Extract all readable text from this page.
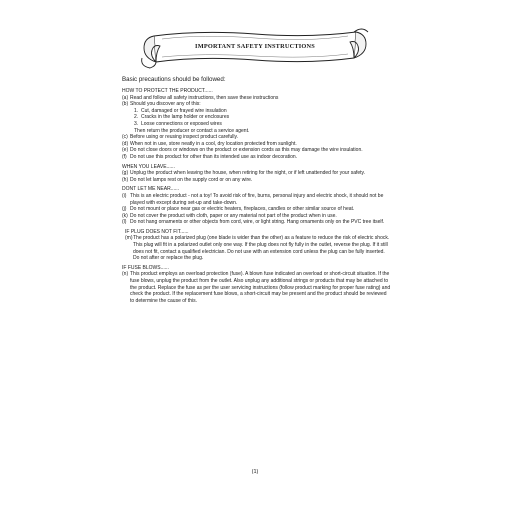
IMPORTANT SAFETY INSTRUCTIONS
Basic precautions should be followed:
HOW TO PROTECT THE PRODUCT......
(a) Read and follow all safety instructions, then save these instructions
(b) Should you discover any of this:
1. Cut, damaged or frayed wire insulation
2. Cracks in the lamp holder or enclosures
3. Loose connections or exposed wires
Then return the producer or contact a service agent.
(c) Before using or reusing inspect product carefully.
(d) When not in use, store neatly in a cool, dry location protected from sunlight.
(e) Do not close doors or windows on the product or extension cords as this may damage the wire insulation.
(f) Do not use this product for other than its intended use as indoor decoration.
WHEN YOU LEAVE......
(g) Unplug the product when leaving the house, when retiring for the night, or if left unattended for your safety.
(h) Do not let lamps rest on the supply cord or on any wire.
DONT LET ME NEAR......
(i) This is an electric product - not a toy! To avoid risk of fire, burns, personal injury and electric shock, it should not be played with except during set-up and take-down.
(j) Do not mount or place near gas or electric heaters, fireplaces, candles or other similar source of heat.
(k) Do not cover the product with cloth, paper or any material not part of the product when in use.
(l) Do not hang ornaments or other objects from cord, wire, or light string. Hang ornaments only on the PVC tree itself.
IF PLUG DOES NOT FIT......
(m) The product has a polarized plug (one blade is wider than the other) as a feature to reduce the risk of electric shock. This plug will fit in a polarized outlet only one way. If the plug does not fly fully in the outlet, reverse the plug. If it still does not fit, contact a qualified electrician. Do not use with an extension cord unless the plug can be fully inserted. Do not after or replace the plug.
IF FUSE BLOWS......
(n) This product employs an overload protection (fuse). A blown fuse indicated an overload or short-circuit situation. If the fuse blows, unplug the product from the outlet. Also unplug any additional strings or products that may be attached to the product. Replace the fuse as per the user servicing instructions (follow product marking for proper fuse rating) and check the product. If the replacement fuse blows, a short-circuit may be present and the product should be reviewed to determine the cause of this.
(1)
